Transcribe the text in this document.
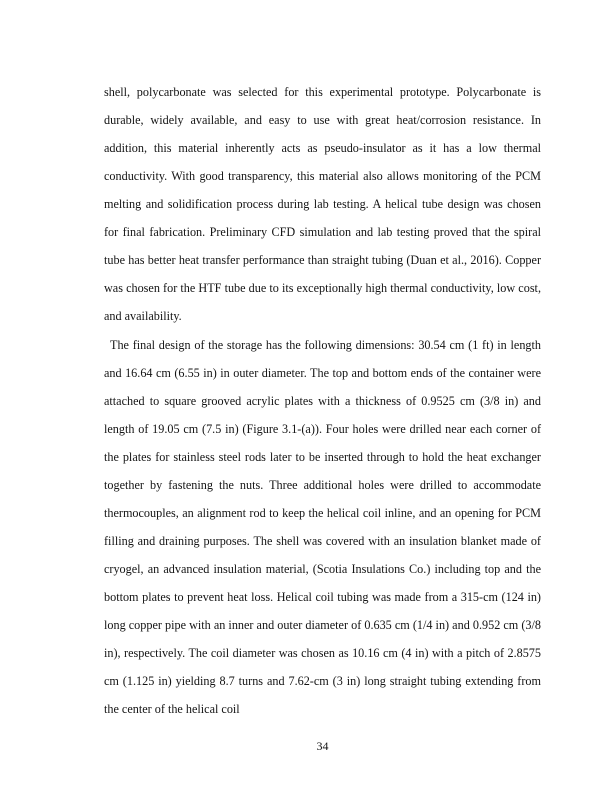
shell, polycarbonate was selected for this experimental prototype. Polycarbonate is durable, widely available, and easy to use with great heat/corrosion resistance. In addition, this material inherently acts as pseudo-insulator as it has a low thermal conductivity. With good transparency, this material also allows monitoring of the PCM melting and solidification process during lab testing. A helical tube design was chosen for final fabrication. Preliminary CFD simulation and lab testing proved that the spiral tube has better heat transfer performance than straight tubing (Duan et al., 2016). Copper was chosen for the HTF tube due to its exceptionally high thermal conductivity, low cost, and availability.

The final design of the storage has the following dimensions: 30.54 cm (1 ft) in length and 16.64 cm (6.55 in) in outer diameter. The top and bottom ends of the container were attached to square grooved acrylic plates with a thickness of 0.9525 cm (3/8 in) and length of 19.05 cm (7.5 in) (Figure 3.1-(a)). Four holes were drilled near each corner of the plates for stainless steel rods later to be inserted through to hold the heat exchanger together by fastening the nuts. Three additional holes were drilled to accommodate thermocouples, an alignment rod to keep the helical coil inline, and an opening for PCM filling and draining purposes. The shell was covered with an insulation blanket made of cryogel, an advanced insulation material, (Scotia Insulations Co.) including top and the bottom plates to prevent heat loss. Helical coil tubing was made from a 315-cm (124 in) long copper pipe with an inner and outer diameter of 0.635 cm (1/4 in) and 0.952 cm (3/8 in), respectively. The coil diameter was chosen as 10.16 cm (4 in) with a pitch of 2.8575 cm (1.125 in) yielding 8.7 turns and 7.62-cm (3 in) long straight tubing extending from the center of the helical coil

34
